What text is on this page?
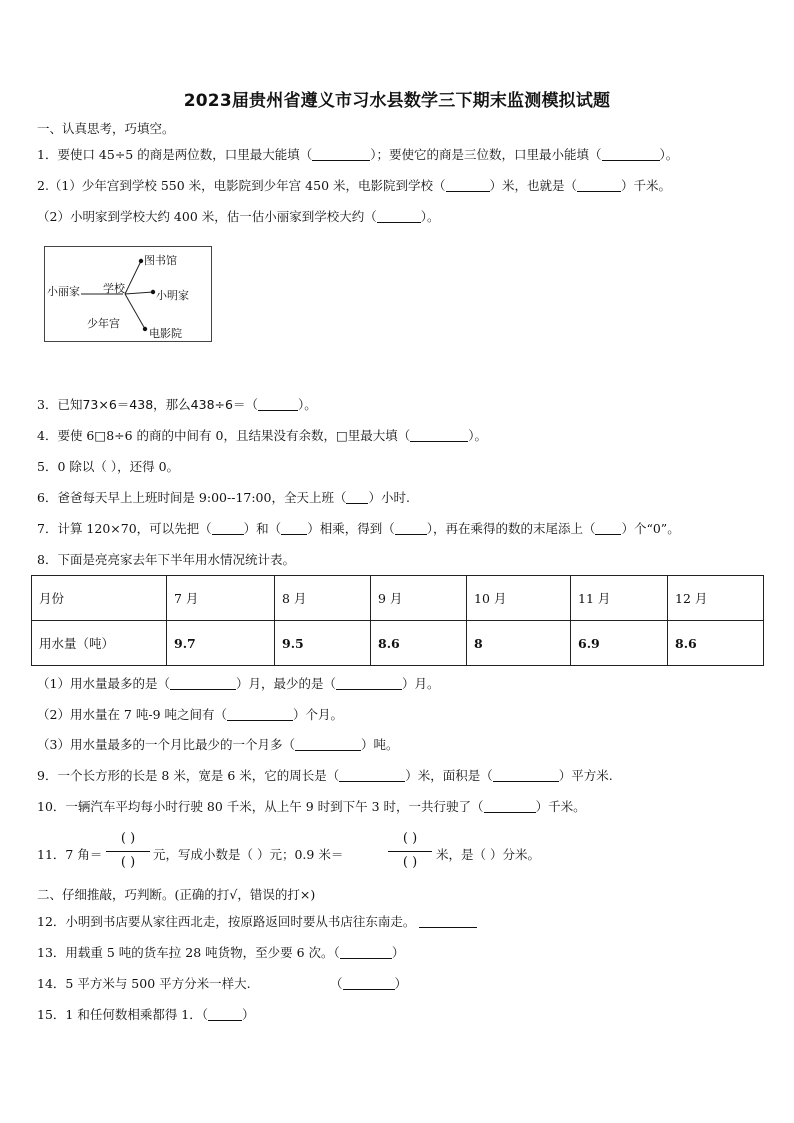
2023届贵州省遵义市习水县数学三下期末监测模拟试题
一、认真思考，巧填空。
1．要使口 45÷5 的商是两位数，口里最大能填（	）；要使它的商是三位数，口里最小能填（	）。
2.（1）少年宫到学校 550 米，电影院到少年宫 450 米，电影院到学校（	）米，也就是（	）千米。
（2）小明家到学校大约 400 米，估一估小丽家到学校大约（	）。
图书馆
小丽家 学校
小明家
少年宫
电影院
3．已知73×6＝438，那么438÷6＝（	）。
4．要使 6□8÷6 的商的中间有 0，且结果没有余数，□里最大填（	）。
5．0 除以（ ），还得 0。
6．爸爸每天早上上班时间是 9:00--17:00，全天上班（ ）小时.
7．计算 120×70，可以先把（	）和（ ）相乘，得到（	），再在乘得的数的末尾添上（ ）个“0”。
8．下面是亮亮家去年下半年用水情况统计表。
月份	7 月	8 月	9 月	10 月	11 月	12 月
用水量（吨）	9.7	9.5	8.6	8	6.9	8.6
（1）用水量最多的是（	）月，最少的是（	）月。
（2）用水量在 7 吨-9 吨之间有（	）个月。
（3）用水量最多的一个月比最少的一个月多（	）吨。
9．一个长方形的长是 8 米，宽是 6 米，它的周长是（	）米，面积是（	）平方米.
10．一辆汽车平均每小时行驶 80 千米，从上午 9 时到下午 3 时，一共行驶了（	）千米。
11．7 角＝
( )
( )
元，写成小数是（ ）元；0.9 米＝
( )
( )
米，是（ ）分米。
二、仔细推敲，巧判断。(正确的打√，错误的打×)
12．小明到书店要从家往西北走，按原路返回时要从书店往东南走。
13．用载重 5 吨的货车拉 28 吨货物，至少要 6 次。（	）
14．5 平方米与 500 平方分米一样大.	（	）
15．1 和任何数相乘都得 1．（	）
